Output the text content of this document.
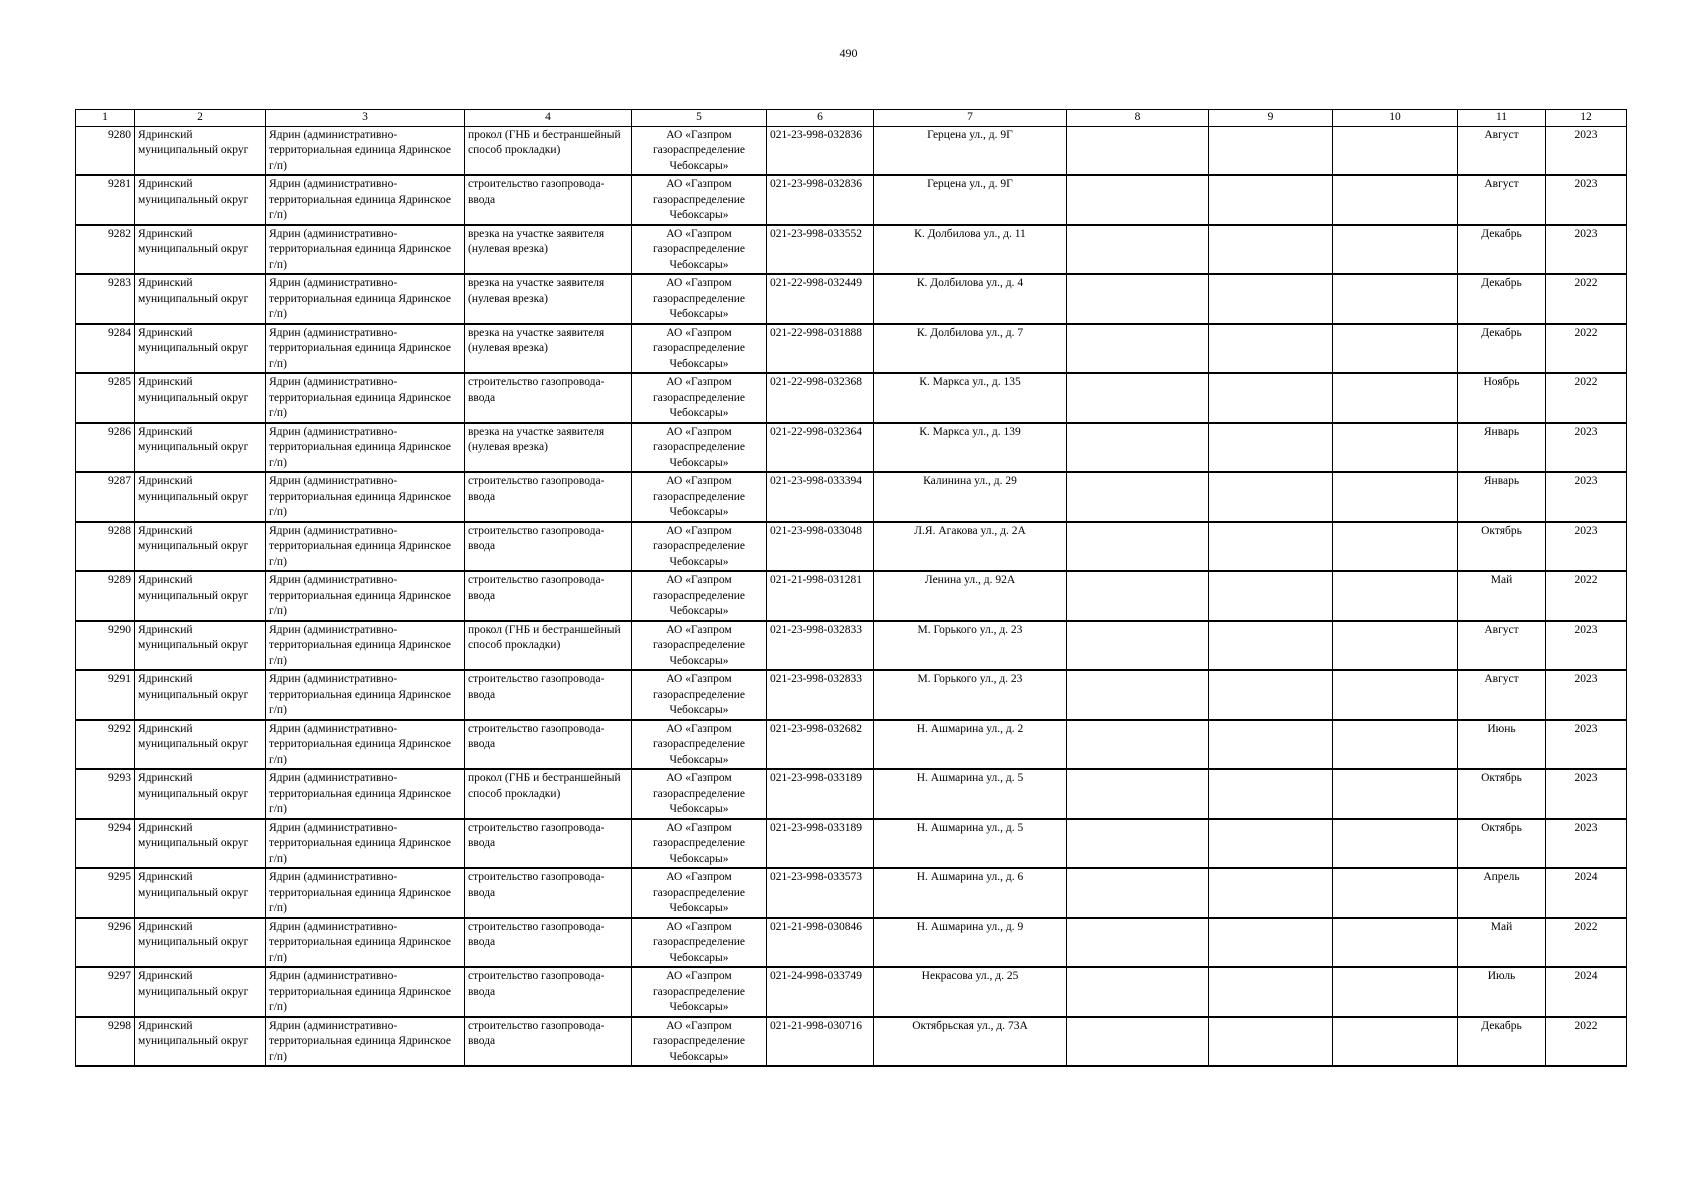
490
1	2	3	4	5	6	7	8	9	10	11	12
9280	Ядринский муниципальный округ	Ядрин (административно-территориальная единица Ядринское г/п)	прокол (ГНБ и бестраншейный способ прокладки)	АО «Газпром газораспределение Чебоксары»	021-23-998-032836	Герцена ул., д. 9Г				Август	2023
9281	Ядринский муниципальный округ	Ядрин (административно-территориальная единица Ядринское г/п)	строительство газопровода-ввода	АО «Газпром газораспределение Чебоксары»	021-23-998-032836	Герцена ул., д. 9Г				Август	2023
9282	Ядринский муниципальный округ	Ядрин (административно-территориальная единица Ядринское г/п)	врезка на участке заявителя (нулевая врезка)	АО «Газпром газораспределение Чебоксары»	021-23-998-033552	К. Долбилова ул., д. 11				Декабрь	2023
9283	Ядринский муниципальный округ	Ядрин (административно-территориальная единица Ядринское г/п)	врезка на участке заявителя (нулевая врезка)	АО «Газпром газораспределение Чебоксары»	021-22-998-032449	К. Долбилова ул., д. 4				Декабрь	2022
9284	Ядринский муниципальный округ	Ядрин (административно-территориальная единица Ядринское г/п)	врезка на участке заявителя (нулевая врезка)	АО «Газпром газораспределение Чебоксары»	021-22-998-031888	К. Долбилова ул., д. 7				Декабрь	2022
9285	Ядринский муниципальный округ	Ядрин (административно-территориальная единица Ядринское г/п)	строительство газопровода-ввода	АО «Газпром газораспределение Чебоксары»	021-22-998-032368	К. Маркса ул., д. 135				Ноябрь	2022
9286	Ядринский муниципальный округ	Ядрин (административно-территориальная единица Ядринское г/п)	врезка на участке заявителя (нулевая врезка)	АО «Газпром газораспределение Чебоксары»	021-22-998-032364	К. Маркса ул., д. 139				Январь	2023
9287	Ядринский муниципальный округ	Ядрин (административно-территориальная единица Ядринское г/п)	строительство газопровода-ввода	АО «Газпром газораспределение Чебоксары»	021-23-998-033394	Калинина ул., д. 29				Январь	2023
9288	Ядринский муниципальный округ	Ядрин (административно-территориальная единица Ядринское г/п)	строительство газопровода-ввода	АО «Газпром газораспределение Чебоксары»	021-23-998-033048	Л.Я. Агакова ул., д. 2А				Октябрь	2023
9289	Ядринский муниципальный округ	Ядрин (административно-территориальная единица Ядринское г/п)	строительство газопровода-ввода	АО «Газпром газораспределение Чебоксары»	021-21-998-031281	Ленина ул., д. 92А				Май	2022
9290	Ядринский муниципальный округ	Ядрин (административно-территориальная единица Ядринское г/п)	прокол (ГНБ и бестраншейный способ прокладки)	АО «Газпром газораспределение Чебоксары»	021-23-998-032833	М. Горького ул., д. 23				Август	2023
9291	Ядринский муниципальный округ	Ядрин (административно-территориальная единица Ядринское г/п)	строительство газопровода-ввода	АО «Газпром газораспределение Чебоксары»	021-23-998-032833	М. Горького ул., д. 23				Август	2023
9292	Ядринский муниципальный округ	Ядрин (административно-территориальная единица Ядринское г/п)	строительство газопровода-ввода	АО «Газпром газораспределение Чебоксары»	021-23-998-032682	Н. Ашмарина ул., д. 2				Июнь	2023
9293	Ядринский муниципальный округ	Ядрин (административно-территориальная единица Ядринское г/п)	прокол (ГНБ и бестраншейный способ прокладки)	АО «Газпром газораспределение Чебоксары»	021-23-998-033189	Н. Ашмарина ул., д. 5				Октябрь	2023
9294	Ядринский муниципальный округ	Ядрин (административно-территориальная единица Ядринское г/п)	строительство газопровода-ввода	АО «Газпром газораспределение Чебоксары»	021-23-998-033189	Н. Ашмарина ул., д. 5				Октябрь	2023
9295	Ядринский муниципальный округ	Ядрин (административно-территориальная единица Ядринское г/п)	строительство газопровода-ввода	АО «Газпром газораспределение Чебоксары»	021-23-998-033573	Н. Ашмарина ул., д. 6				Апрель	2024
9296	Ядринский муниципальный округ	Ядрин (административно-территориальная единица Ядринское г/п)	строительство газопровода-ввода	АО «Газпром газораспределение Чебоксары»	021-21-998-030846	Н. Ашмарина ул., д. 9				Май	2022
9297	Ядринский муниципальный округ	Ядрин (административно-территориальная единица Ядринское г/п)	строительство газопровода-ввода	АО «Газпром газораспределение Чебоксары»	021-24-998-033749	Некрасова ул., д. 25				Июль	2024
9298	Ядринский муниципальный округ	Ядрин (административно-территориальная единица Ядринское г/п)	строительство газопровода-ввода	АО «Газпром газораспределение Чебоксары»	021-21-998-030716	Октябрьская ул., д. 73А				Декабрь	2022
